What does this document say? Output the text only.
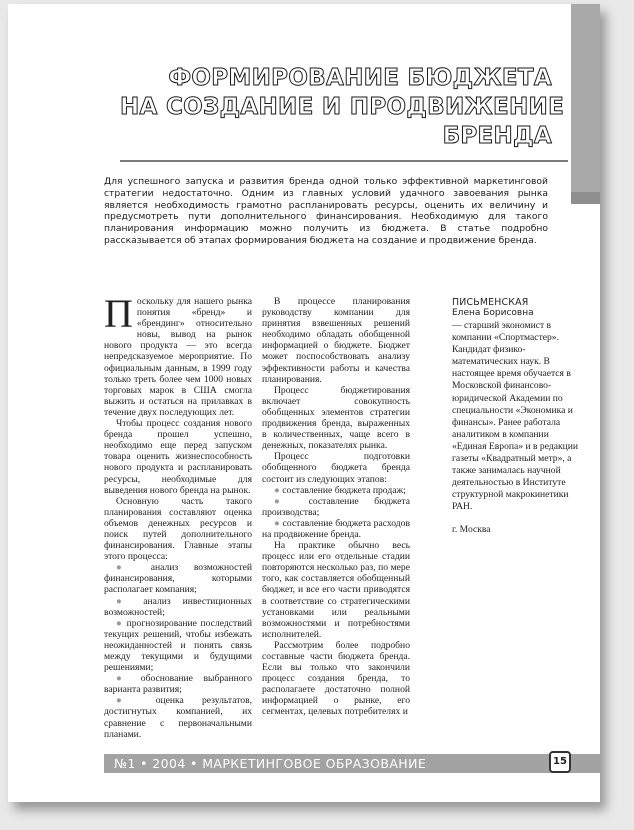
ФОРМИРОВАНИЕ БЮДЖЕТА
НА СОЗДАНИЕ И ПРОДВИЖЕНИЕ
БРЕНДА
Для успешного запуска и развития бренда одной только эффективной маркетинговой стратегии недостаточно. Одним из главных условий удачного завоевания рынка является необходимость грамотно распланировать ресурсы, оценить их величину и предусмотреть пути дополнительного финансирования. Необходимую для такого планирования информацию можно получить из бюджета. В статье подробно рассказывается об этапах формирования бюджета на создание и продвижение бренда.

Поскольку для нашего рынка понятия «бренд» и «брендинг» относительно новы, вывод на рынок нового продукта — это всегда непредсказуемое мероприятие. По официальным данным, в 1999 году только треть более чем 1000 новых торговых марок в США смогла выжить и остаться на прилавках в течение двух последующих лет.

Чтобы процесс создания нового бренда прошел успешно, необходимо еще перед запуском товара оценить жизнеспособность нового продукта и распланировать ресурсы, необходимые для выведения нового бренда на рынок.

Основную часть такого планирования составляют оценка объемов денежных ресурсов и поиск путей дополнительного финансирования. Главные этапы этого процесса:

● анализ возможностей финансирования, которыми располагает компания;

● анализ инвестиционных возможностей;

● прогнозирование последствий текущих решений, чтобы избежать неожиданностей и понять связь между текущими и будущими решениями;

● обоснование выбранного варианта развития;

● оценка результатов, достигнутых компанией, их сравнение с первоначальными планами.

В процессе планирования руководству компании для принятия взвешенных решений необходимо обладать обобщенной информацией о бюджете. Бюджет может поспособствовать анализу эффективности работы и качества планирования.

Процесс бюджетирования включает совокупность обобщенных элементов стратегии продвижения бренда, выраженных в количественных, чаще всего в денежных, показателях рынка.

Процесс подготовки обобщенного бюджета бренда состоит из следующих этапов:

● составление бюджета продаж;

● составление бюджета производства;

● составление бюджета расходов на продвижение бренда.

На практике обычно весь процесс или его отдельные стадии повторяются несколько раз, по мере того, как составляется обобщенный бюджет, и все его части приводятся в соответствие со стратегическими установками или реальными возможностями и потребностями исполнителей.

Рассмотрим более подробно составные части бюджета бренда. Если вы только что закончили процесс создания бренда, то располагаете достаточно полной информацией о рынке, его сегментах, целевых потребителях и

ПИСЬМЕНСКАЯ
Елена Борисовна
— старший экономист в компании «Спортмастер». Кандидат физико-математических наук. В настоящее время обучается в Московской финансово-юридической Академии по специальности «Экономика и финансы». Ранее работала аналитиком в компании «Единая Европа» и в редакции газеты «Квадратный метр», а также занималась научной деятельностью в Институте структурной макрокинетики РАН.
г. Москва
№1 • 2004 • МАРКЕТИНГОВОЕ ОБРАЗОВАНИЕ	15
